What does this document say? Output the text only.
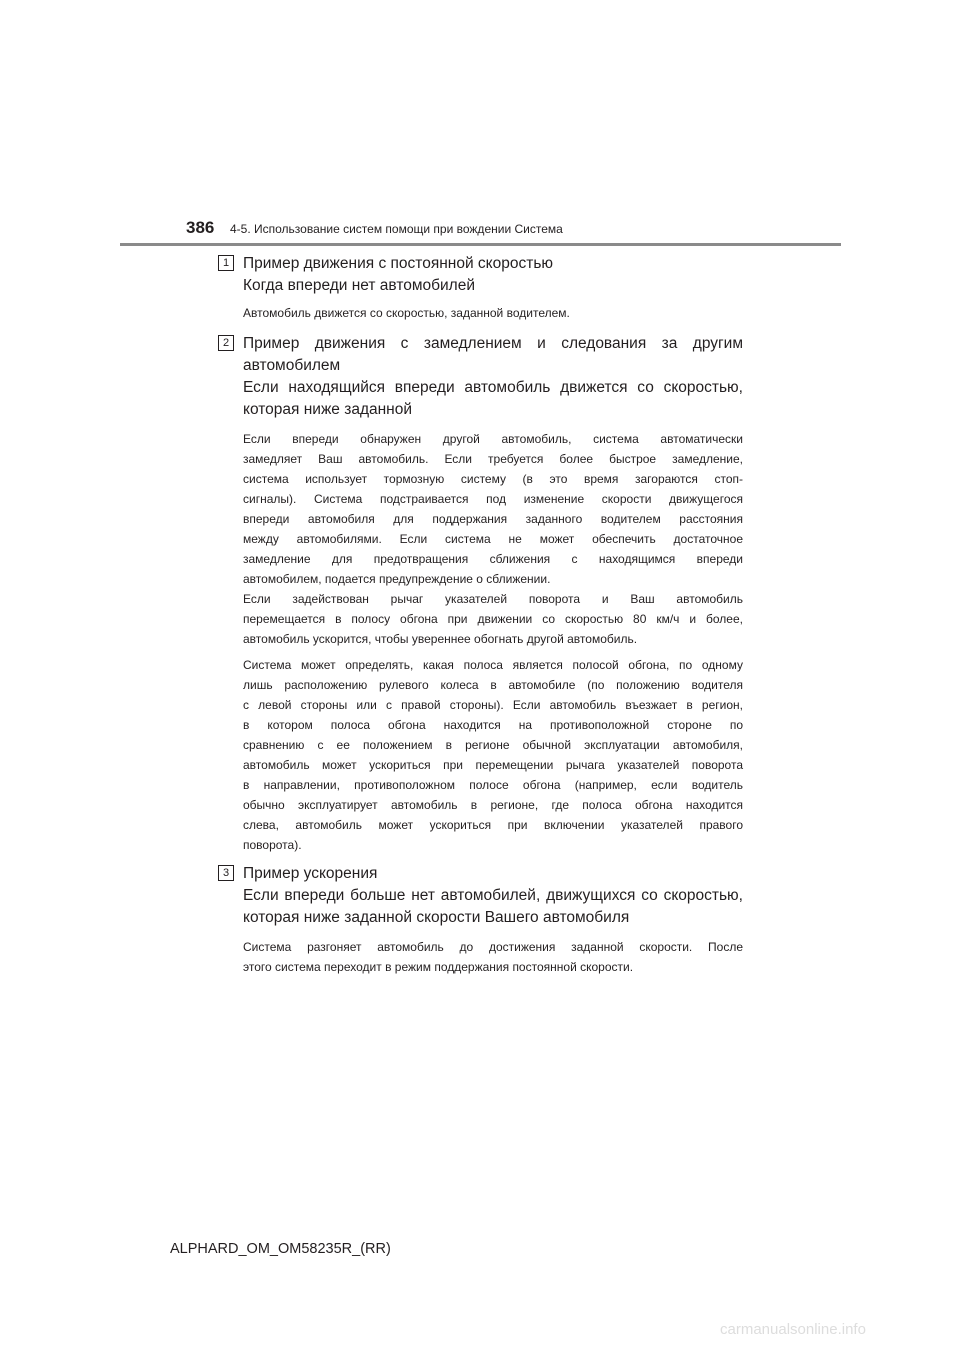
386 4-5. Использование систем помощи при вождении Система
1 Пример движения с постоянной скоростью
Когда впереди нет автомобилей
Автомобиль движется со скоростью, заданной водителем.
2 Пример движения с замедлением и следования за другим
автомобилем
Если находящийся впереди автомобиль движется со скоростью,
которая ниже заданной
Если впереди обнаружен другой автомобиль, система автоматически
замедляет Ваш автомобиль. Если требуется более быстрое замедление,
система использует тормозную систему (в это время загораются стоп-
сигналы). Система подстраивается под изменение скорости движущегося
впереди автомобиля для поддержания заданного водителем расстояния
между автомобилями. Если система не может обеспечить достаточное
замедление для предотвращения сближения с находящимся впереди
автомобилем, подается предупреждение о сближении.
Если задействован рычаг указателей поворота и Ваш автомобиль
перемещается в полосу обгона при движении со скоростью 80 км/ч и более,
автомобиль ускорится, чтобы увереннее обогнать другой автомобиль.
Система может определять, какая полоса является полосой обгона, по одному
лишь расположению рулевого колеса в автомобиле (по положению водителя
с левой стороны или с правой стороны). Если автомобиль въезжает в регион,
в котором полоса обгона находится на противоположной стороне по
сравнению с ее положением в регионе обычной эксплуатации автомобиля,
автомобиль может ускориться при перемещении рычага указателей поворота
в направлении, противоположном полосе обгона (например, если водитель
обычно эксплуатирует автомобиль в регионе, где полоса обгона находится
слева, автомобиль может ускориться при включении указателей правого
поворота).
3 Пример ускорения
Если впереди больше нет автомобилей, движущихся со скоростью,
которая ниже заданной скорости Вашего автомобиля
Система разгоняет автомобиль до достижения заданной скорости. После
этого система переходит в режим поддержания постоянной скорости.
ALPHARD_OM_OM58235R_(RR)
carmanualsonline.info
